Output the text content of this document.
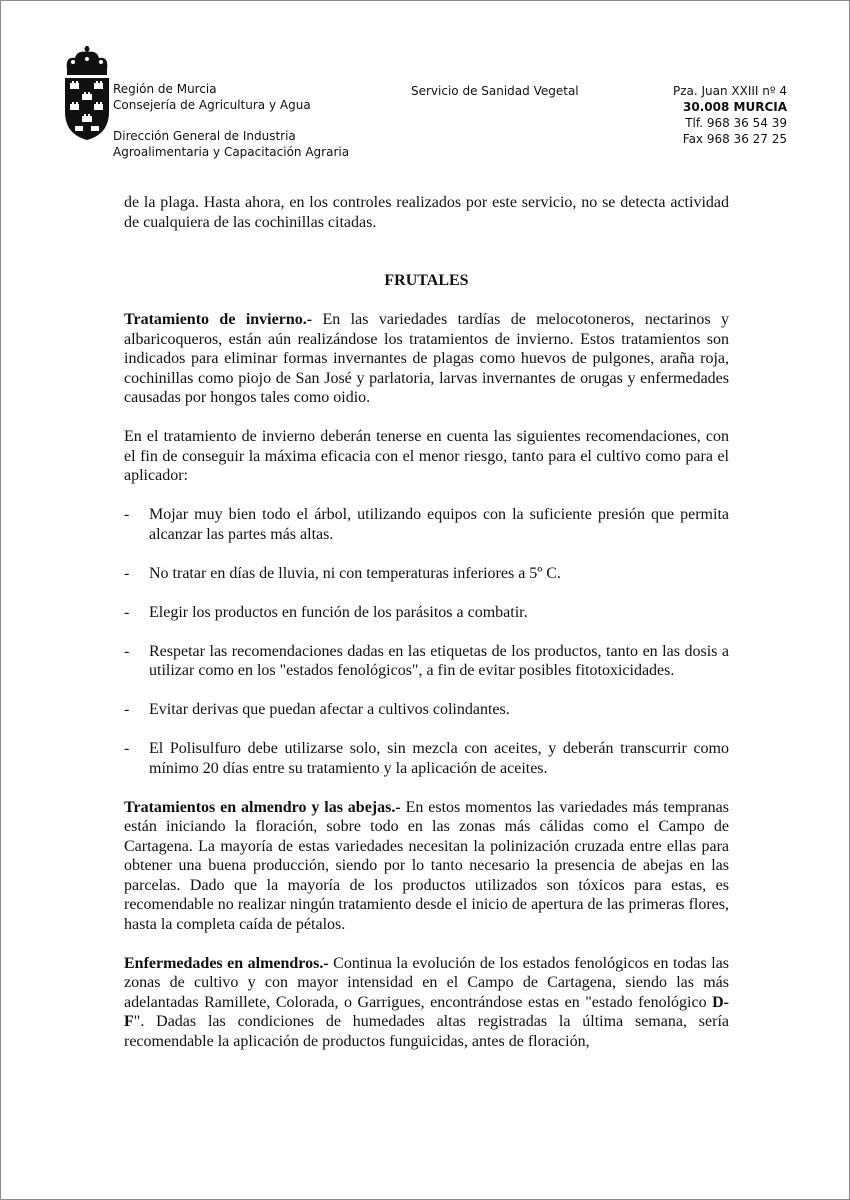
Región de Murcia
Consejería de Agricultura y Agua
Dirección General de Industria
Agroalimentaria y Capacitación Agraria
Servicio de Sanidad Vegetal	Pza. Juan XXIII nº 4
30.008 MURCIA
Tlf. 968 36 54 39
Fax 968 36 27 25

de la plaga. Hasta ahora, en los controles realizados por este servicio, no se detecta actividad de cualquiera de las cochinillas citadas.

FRUTALES

Tratamiento de invierno.- En las variedades tardías de melocotoneros, nectarinos y albaricoqueros, están aún realizándose los tratamientos de invierno. Estos tratamientos son indicados para eliminar formas invernantes de plagas como huevos de pulgones, araña roja, cochinillas como piojo de San José y parlatoria, larvas invernantes de orugas y enfermedades causadas por hongos tales como oidio.

En el tratamiento de invierno deberán tenerse en cuenta las siguientes recomendaciones, con el fin de conseguir la máxima eficacia con el menor riesgo, tanto para el cultivo como para el aplicador:

- Mojar muy bien todo el árbol, utilizando equipos con la suficiente presión que permita alcanzar las partes más altas.

- No tratar en días de lluvia, ni con temperaturas inferiores a 5º C.

- Elegir los productos en función de los parásitos a combatir.

- Respetar las recomendaciones dadas en las etiquetas de los productos, tanto en las dosis a utilizar como en los "estados fenológicos", a fin de evitar posibles fitotoxicidades.

- Evitar derivas que puedan afectar a cultivos colindantes.

- El Polisulfuro debe utilizarse solo, sin mezcla con aceites, y deberán transcurrir como mínimo 20 días entre su tratamiento y la aplicación de aceites.

Tratamientos en almendro y las abejas.- En estos momentos las variedades más tempranas están iniciando la floración, sobre todo en las zonas más cálidas como el Campo de Cartagena. La mayoría de estas variedades necesitan la polinización cruzada entre ellas para obtener una buena producción, siendo por lo tanto necesario la presencia de abejas en las parcelas. Dado que la mayoría de los productos utilizados son tóxicos para estas, es recomendable no realizar ningún tratamiento desde el inicio de apertura de las primeras flores, hasta la completa caída de pétalos.

Enfermedades en almendros.- Continua la evolución de los estados fenológicos en todas las zonas de cultivo y con mayor intensidad en el Campo de Cartagena, siendo las más adelantadas Ramillete, Colorada, o Garrigues, encontrándose estas en "estado fenológico D-F". Dadas las condiciones de humedades altas registradas la última semana, sería recomendable la aplicación de productos funguicidas, antes de floración,
